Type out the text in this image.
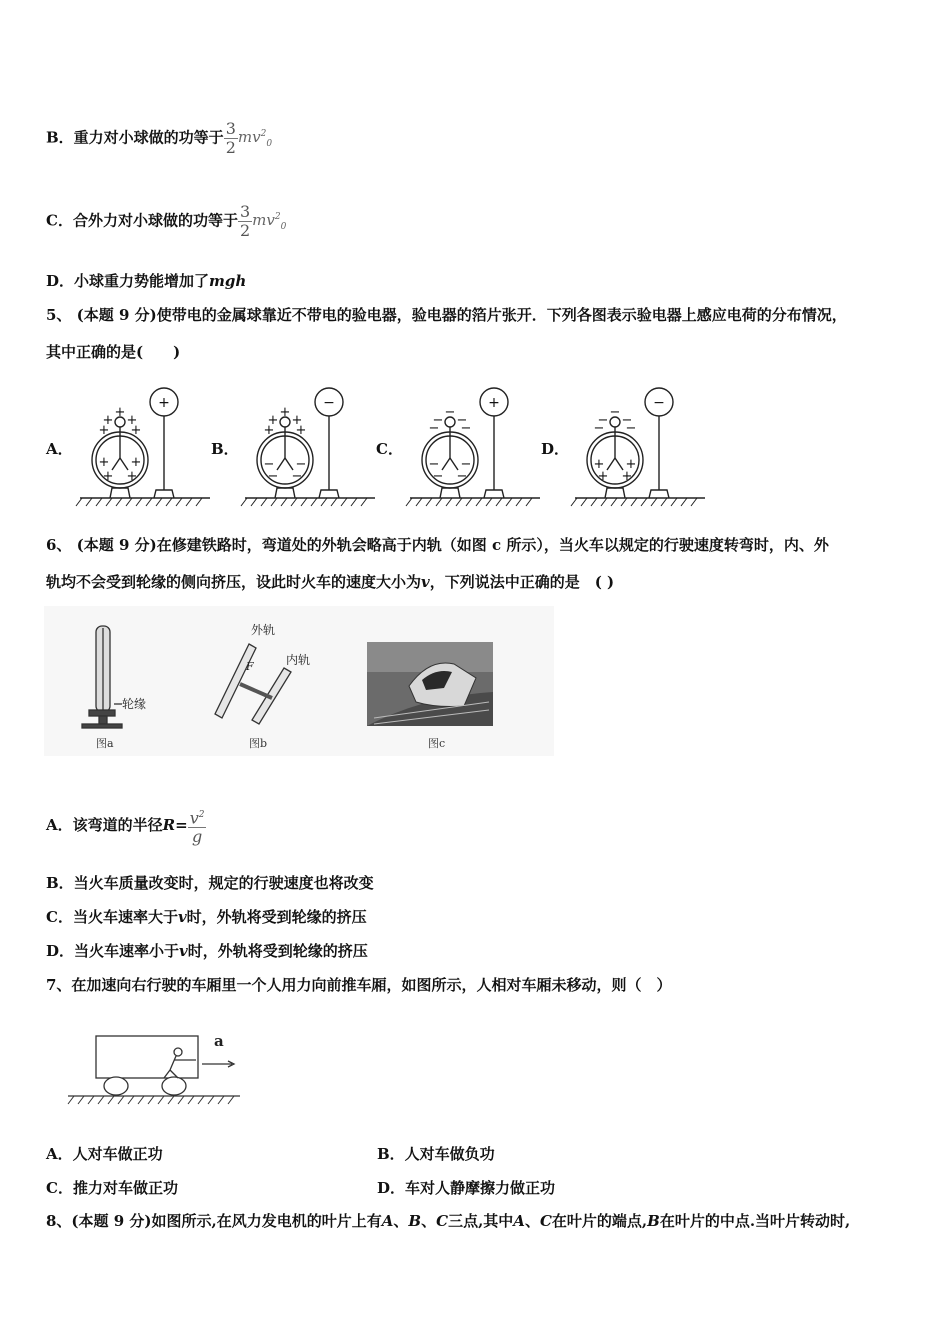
B．重力对小球做的功等于 $\frac{3}{2} mv^2_0$
C．合外力对小球做的功等于 $\frac{3}{2} mv^2_0$
D．小球重力势能增加了mgh
5、 (本题 9 分)使带电的金属球靠近不带电的验电器，验电器的箔片张开．下列各图表示验电器上感应电荷的分布情况，
其中正确的是(　　)
A．	B．	C．	D．
+ +
+ +
+
+ +
+ +
+ +
+ +
+
− −
− −
− −
− −
−
− −
− −
− −
− −
−
+ +
+ +
+	−	+	−
6、 (本题 9 分)在修建铁路时，弯道处的外轨会略高于内轨（如图 c 所示），当火车以规定的行驶速度转弯时，内、外
轨均不会受到轮缘的侧向挤压，设此时火车的速度大小为v，下列说法中正确的是　( )
轮缘
图a
外轨
内轨
F
图b	图c
A．该弯道的半径$R= \frac{v^2}{g}$
B．当火车质量改变时，规定的行驶速度也将改变
C．当火车速率大于v时，外轨将受到轮缘的挤压
D．当火车速率小于v时，外轨将受到轮缘的挤压
7、在加速向右行驶的车厢里一个人用力向前推车厢，如图所示，人相对车厢未移动，则（　）
a
A．人对车做正功	B．人对车做负功
C．推力对车做正功	D．车对人静摩擦力做正功
8、(本题 9 分)如图所示,在风力发电机的叶片上有A、B、C三点,其中A、C在叶片的端点,B在叶片的中点.当叶片转动时,
